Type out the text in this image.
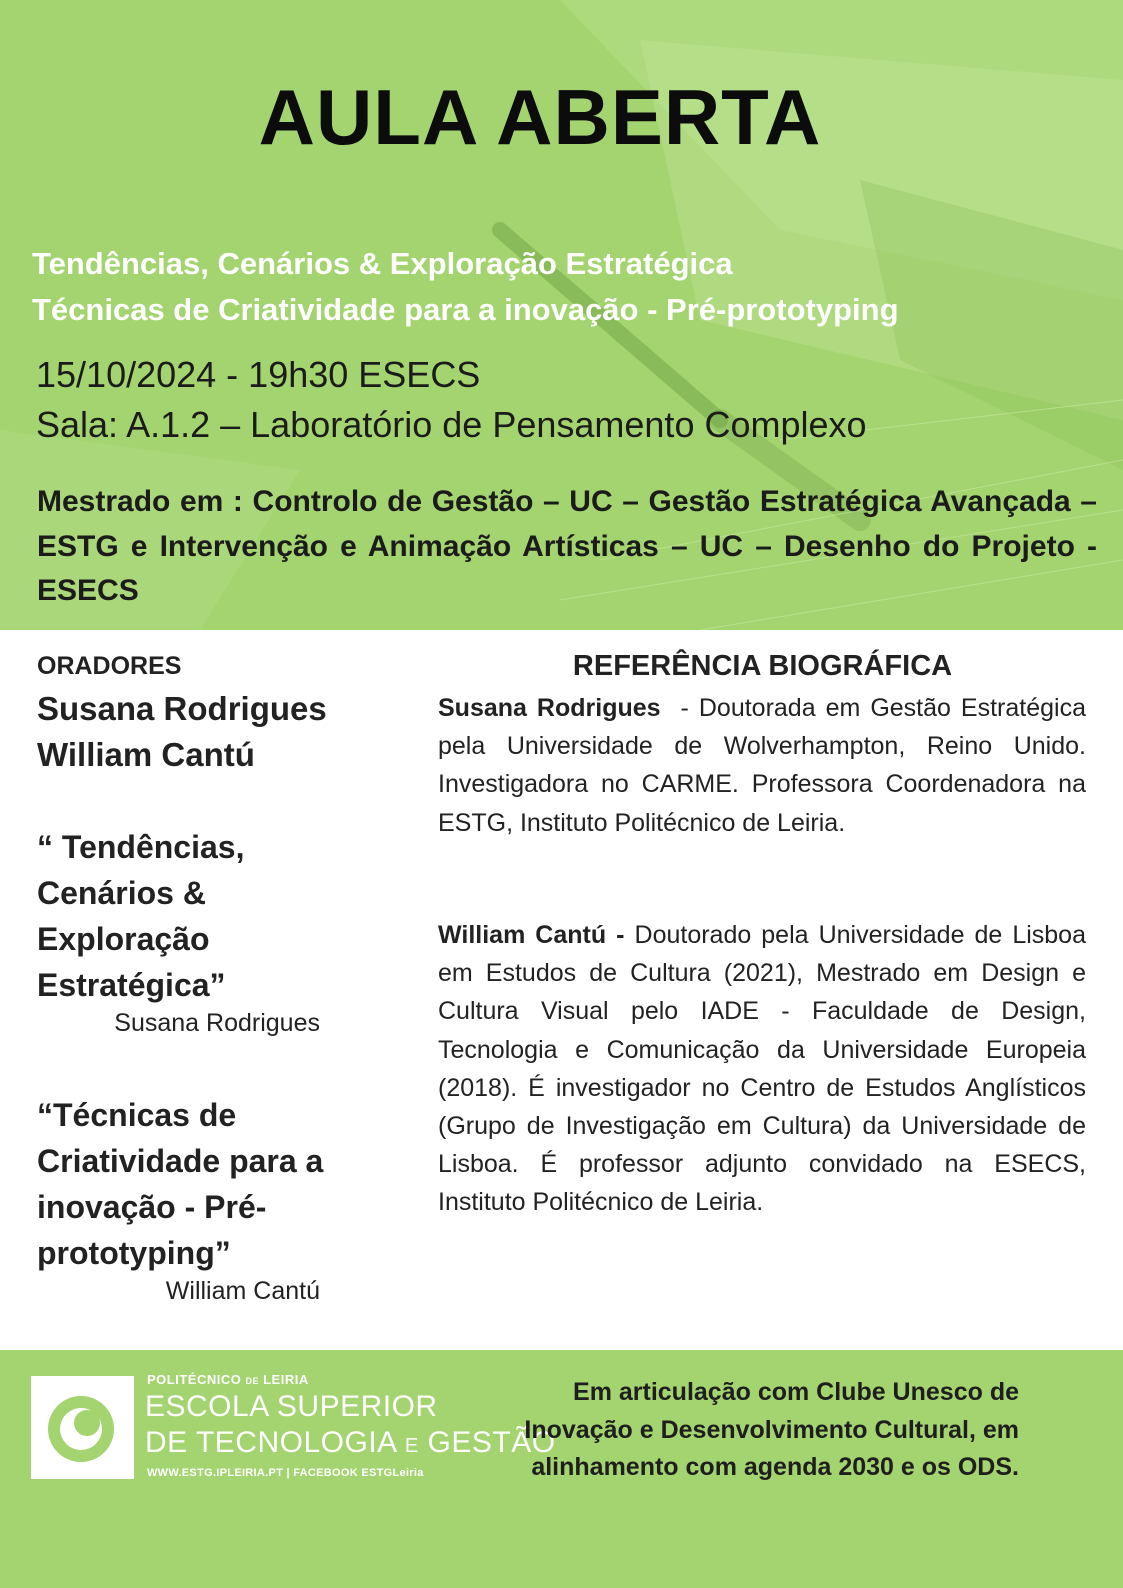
AULA ABERTA
Tendências, Cenários & Exploração Estratégica
Técnicas de Criatividade para a inovação - Pré-prototyping
15/10/2024 - 19h30 ESECS
Sala: A.1.2 – Laboratório de Pensamento Complexo
Mestrado em : Controlo de Gestão – UC – Gestão Estratégica Avançada – ESTG e Intervenção e Animação Artísticas – UC – Desenho do Projeto - ESECS
ORADORES
Susana Rodrigues
William Cantú
“ Tendências, Cenários & Exploração Estratégica”
Susana Rodrigues
“Técnicas de Criatividade para a inovação - Pré-prototyping”
William Cantú
REFERÊNCIA BIOGRÁFICA
Susana Rodrigues  - Doutorada em Gestão Estratégica pela Universidade de Wolverhampton, Reino Unido. Investigadora no CARME. Professora Coordenadora na ESTG, Instituto Politécnico de Leiria.
William Cantú - Doutorado pela Universidade de Lisboa em Estudos de Cultura (2021), Mestrado em Design e Cultura Visual pelo IADE - Faculdade de Design, Tecnologia e Comunicação da Universidade Europeia (2018). É investigador no Centro de Estudos Anglísticos (Grupo de Investigação em Cultura) da Universidade de Lisboa. É professor adjunto convidado na ESECS, Instituto Politécnico de Leiria.
POLITÉCNICO DE LEIRIA
ESCOLA SUPERIOR
DE TECNOLOGIA E GESTÃO
WWW.ESTG.IPLEIRIA.PT | FACEBOOK ESTGLeiria
Em articulação com Clube Unesco de Inovação e Desenvolvimento Cultural, em alinhamento com agenda 2030 e os ODS.
